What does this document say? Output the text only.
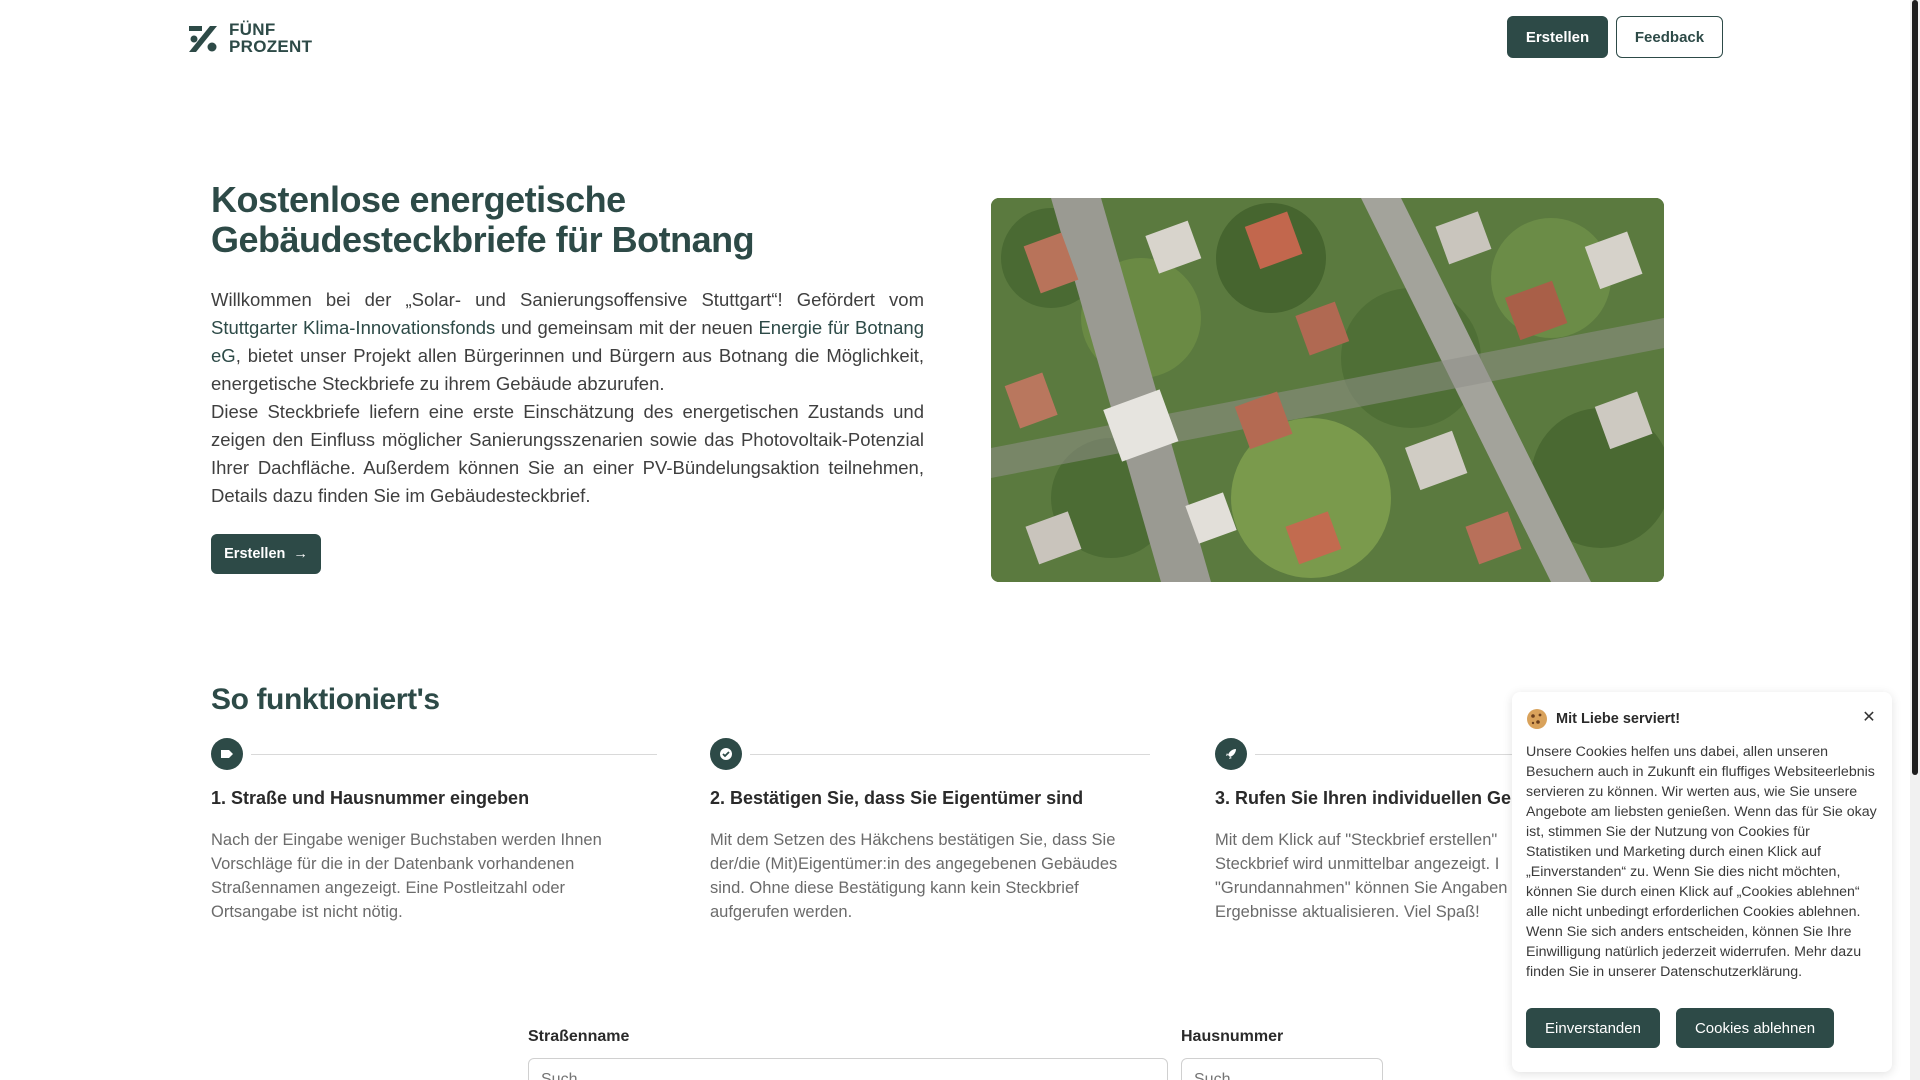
FÜNF
PROZENT	Erstellen	Feedback
Kostenlose energetische
Gebäudesteckbriefe für Botnang

Willkommen bei der „Solar- und Sanierungsoffensive Stuttgart“! Gefördert vom Stuttgarter Klima-Innovationsfonds und gemeinsam mit der neuen Energie für Botnang eG, bietet unser Projekt allen Bürgerinnen und Bürgern aus Botnang die Möglichkeit, energetische Steckbriefe zu ihrem Gebäude abzurufen.

Diese Steckbriefe liefern eine erste Einschätzung des energetischen Zustands und zeigen den Einfluss möglicher Sanierungsszenarien sowie das Photovoltaik-Potenzial Ihrer Dachfläche. Außerdem können Sie an einer PV-Bündelungsaktion teilnehmen, Details dazu finden Sie im Gebäudesteckbrief.

Erstellen →
So funktioniert's
1. Straße und Hausnummer eingeben
Nach der Eingabe weniger Buchstaben werden Ihnen Vorschläge für die in der Datenbank vorhandenen Straßennamen angezeigt. Eine Postleitzahl oder Ortsangabe ist nicht nötig.
2. Bestätigen Sie, dass Sie Eigentümer sind
Mit dem Setzen des Häkchens bestätigen Sie, dass Sie der/die (Mit)Eigentümer:in des angegebenen Gebäudes sind. Ohne diese Bestätigung kann kein Steckbrief aufgerufen werden.
3. Rufen Sie Ihren individuellen Ge
Mit dem Klick auf "Steckbrief erstellen" Steckbrief wird unmittelbar angezeigt. I "Grundannahmen" können Sie Angaben Ergebnisse aktualisieren. Viel Spaß!
Straßenname
Such	Hausnummer
Such
Mit Liebe serviert!	✕

Unsere Cookies helfen uns dabei, allen unseren Besuchern auch in Zukunft ein fluffiges Websiteerlebnis servieren zu können. Wir werten aus, wie Sie unsere Angebote am liebsten genießen. Wenn das für Sie okay ist, stimmen Sie der Nutzung von Cookies für Statistiken und Marketing durch einen Klick auf „Einverstanden“ zu. Wenn Sie dies nicht möchten, können Sie durch einen Klick auf „Cookies ablehnen“ alle nicht unbedingt erforderlichen Cookies ablehnen. Wenn Sie sich anders entscheiden, können Sie Ihre Einwilligung natürlich jederzeit widerrufen. Mehr dazu finden Sie in unserer Datenschutzerklärung.

Einverstanden	Cookies ablehnen
